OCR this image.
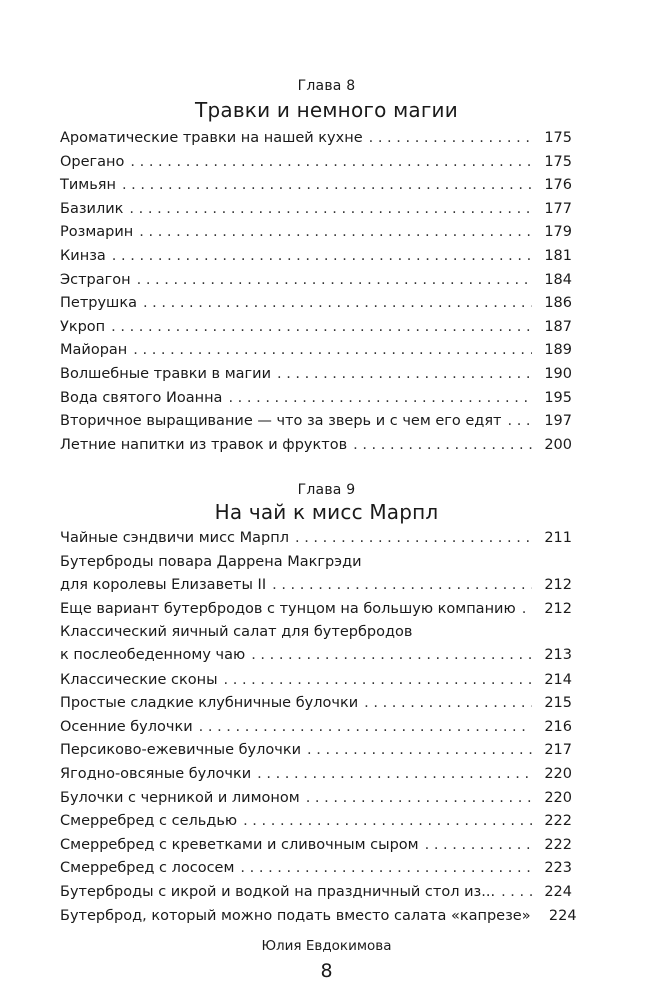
Глава 8
Травки и немного магии
Ароматические травки на нашей кухне . . .	175
Орегано . . .	175
Тимьян . . .	176
Базилик . . .	177
Розмарин . . .	179
Кинза . . .	181
Эстрагон . . .	184
Петрушка . . .	186
Укроп . . .	187
Майоран . . .	189
Волшебные травки в магии . . .	190
Вода святого Иоанна . . .	195
Вторичное выращивание — что за зверь и с чем его едят . . .	197
Летние напитки из травок и фруктов . . .	200
Глава 9
На чай к мисс Марпл
Чайные сэндвичи мисс Марпл . . .	211
Бутерброды повара Даррена Макгрэди
для королевы Елизаветы II . . .	212
Еще вариант бутербродов с тунцом на большую компанию . . .	212
Классический яичный салат для бутербродов
к послеобеденному чаю . . .	213
Классические сконы . . .	214
Простые сладкие клубничные булочки . . .	215
Осенние булочки . . .	216
Персиково-ежевичные булочки . . .	217
Ягодно-овсяные булочки . . .	220
Булочки с черникой и лимоном . . .	220
Смерребред с сельдью . . .	222
Смерребред с креветками и сливочным сыром . . .	222
Смерребред с лососем . . .	223
Бутерброды с икрой и водкой на праздничный стол из... . . .	224
Бутерброд, который можно подать вместо салата «капрезе»	224
Юлия Евдокимова
8
